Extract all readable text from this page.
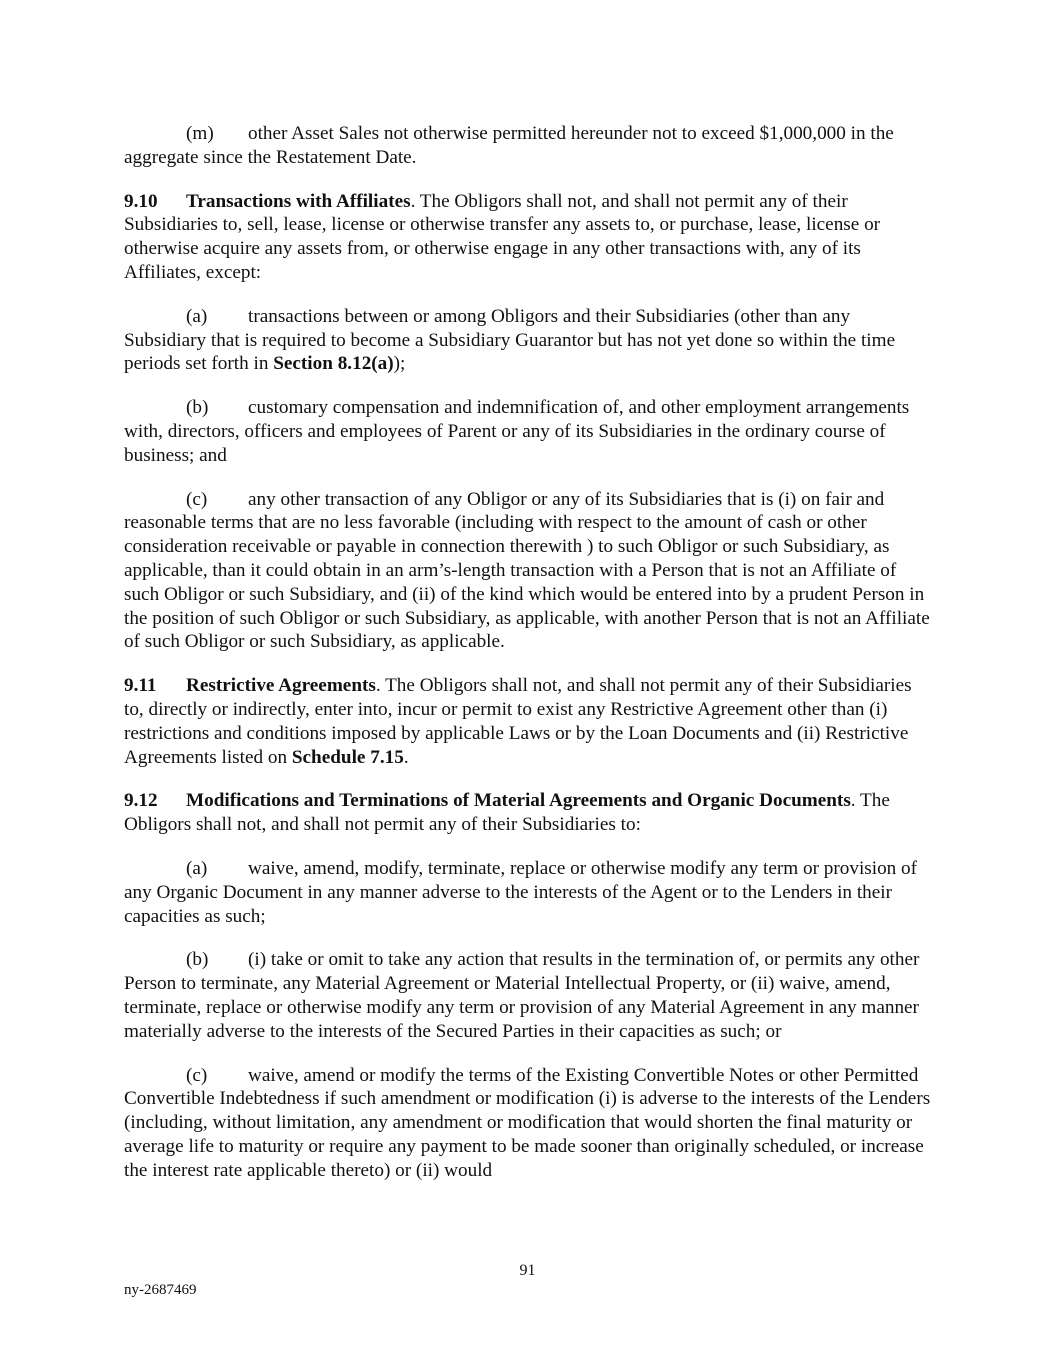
(m) other Asset Sales not otherwise permitted hereunder not to exceed $1,000,000 in the aggregate since the Restatement Date.

9.10 Transactions with Affiliates. The Obligors shall not, and shall not permit any of their Subsidiaries to, sell, lease, license or otherwise transfer any assets to, or purchase, lease, license or otherwise acquire any assets from, or otherwise engage in any other transactions with, any of its Affiliates, except:

(a) transactions between or among Obligors and their Subsidiaries (other than any Subsidiary that is required to become a Subsidiary Guarantor but has not yet done so within the time periods set forth in Section 8.12(a));

(b) customary compensation and indemnification of, and other employment arrangements with, directors, officers and employees of Parent or any of its Subsidiaries in the ordinary course of business; and

(c) any other transaction of any Obligor or any of its Subsidiaries that is (i) on fair and reasonable terms that are no less favorable (including with respect to the amount of cash or other consideration receivable or payable in connection therewith ) to such Obligor or such Subsidiary, as applicable, than it could obtain in an arm’s-length transaction with a Person that is not an Affiliate of such Obligor or such Subsidiary, and (ii) of the kind which would be entered into by a prudent Person in the position of such Obligor or such Subsidiary, as applicable, with another Person that is not an Affiliate of such Obligor or such Subsidiary, as applicable.

9.11 Restrictive Agreements. The Obligors shall not, and shall not permit any of their Subsidiaries to, directly or indirectly, enter into, incur or permit to exist any Restrictive Agreement other than (i) restrictions and conditions imposed by applicable Laws or by the Loan Documents and (ii) Restrictive Agreements listed on Schedule 7.15.

9.12 Modifications and Terminations of Material Agreements and Organic Documents. The Obligors shall not, and shall not permit any of their Subsidiaries to:

(a) waive, amend, modify, terminate, replace or otherwise modify any term or provision of any Organic Document in any manner adverse to the interests of the Agent or to the Lenders in their capacities as such;

(b) (i) take or omit to take any action that results in the termination of, or permits any other Person to terminate, any Material Agreement or Material Intellectual Property, or (ii) waive, amend, terminate, replace or otherwise modify any term or provision of any Material Agreement in any manner materially adverse to the interests of the Secured Parties in their capacities as such; or

(c) waive, amend or modify the terms of the Existing Convertible Notes or other Permitted Convertible Indebtedness if such amendment or modification (i) is adverse to the interests of the Lenders (including, without limitation, any amendment or modification that would shorten the final maturity or average life to maturity or require any payment to be made sooner than originally scheduled, or increase the interest rate applicable thereto) or (ii) would

91
ny-2687469
